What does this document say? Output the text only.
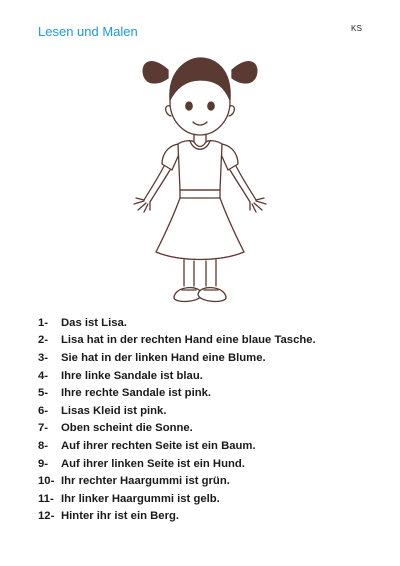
Lesen und Malen	KS
1-	Das ist Lisa.
2-	Lisa hat in der rechten Hand eine blaue Tasche.
3-	Sie hat in der linken Hand eine Blume.
4-	Ihre linke Sandale ist blau.
5-	Ihre rechte Sandale ist pink.
6-	Lisas Kleid ist pink.
7-	Oben scheint die Sonne.
8-	Auf ihrer rechten Seite ist ein Baum.
9-	Auf ihrer linken Seite ist ein Hund.
10- Ihr rechter Haargummi ist grün.
11- Ihr linker Haargummi ist gelb.
12- Hinter ihr ist ein Berg.
